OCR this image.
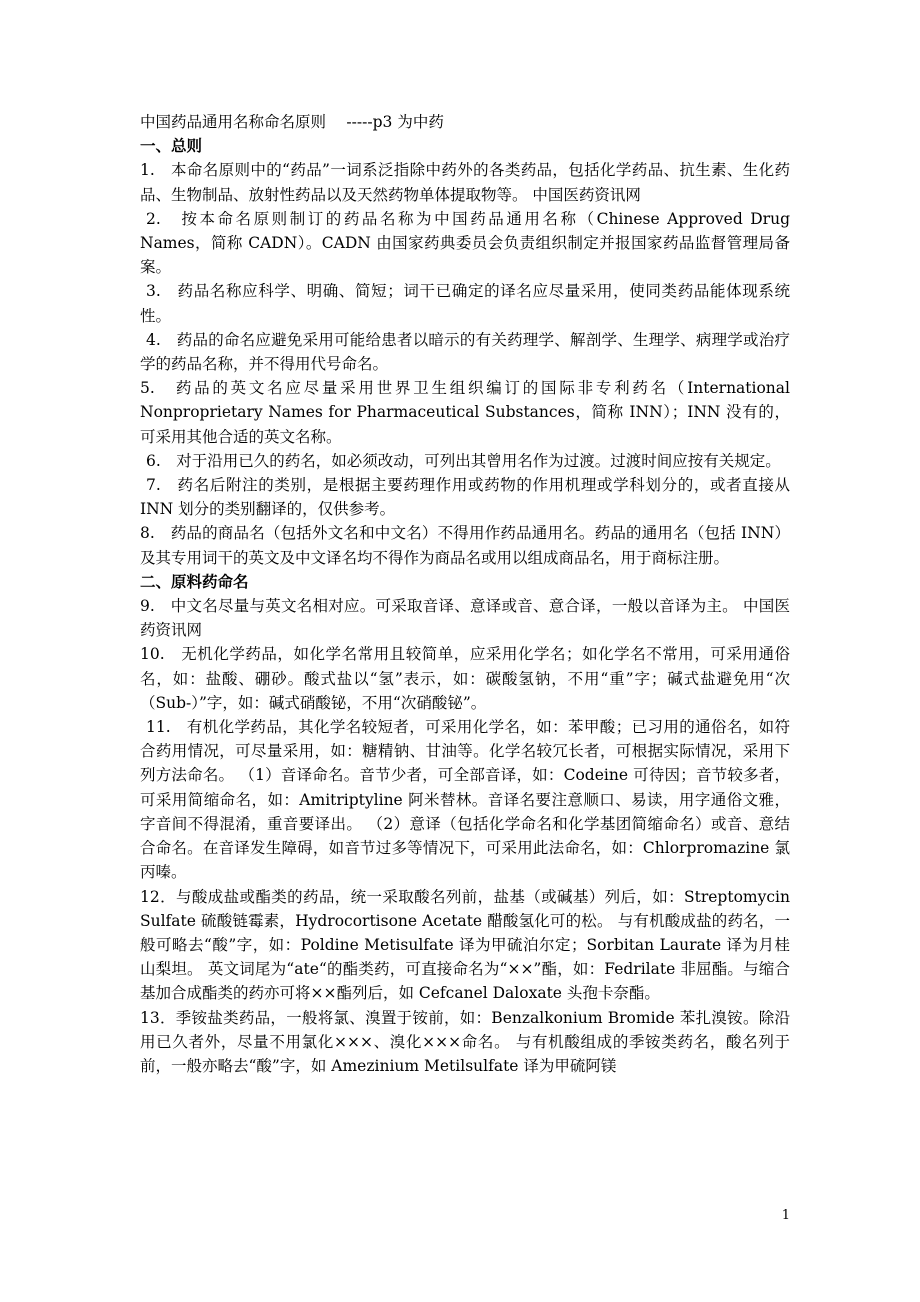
中国药品通用名称命名原则　 -----p3 为中药

一、总则

1.　本命名原则中的“药品”一词系泛指除中药外的各类药品，包括化学药品、抗生素、生化药品、生物制品、放射性药品以及天然药物单体提取物等。 中国医药资讯网

2.　按本命名原则制订的药品名称为中国药品通用名称（Chinese Approved Drug Names，简称 CADN）。CADN 由国家药典委员会负责组织制定并报国家药品监督管理局备案。

3.　药品名称应科学、明确、简短；词干已确定的译名应尽量采用，使同类药品能体现系统性。

4.　药品的命名应避免采用可能给患者以暗示的有关药理学、解剖学、生理学、病理学或治疗学的药品名称，并不得用代号命名。

5.　药品的英文名应尽量采用世界卫生组织编订的国际非专利药名（International Nonproprietary Names for Pharmaceutical Substances，简称 INN）；INN 没有的，可采用其他合适的英文名称。

6.　对于沿用已久的药名，如必须改动，可列出其曾用名作为过渡。过渡时间应按有关规定。

7.　药名后附注的类别，是根据主要药理作用或药物的作用机理或学科划分的，或者直接从 INN 划分的类别翻译的，仅供参考。

8.　药品的商品名（包括外文名和中文名）不得用作药品通用名。药品的通用名（包括 INN）及其专用词干的英文及中文译名均不得作为商品名或用以组成商品名，用于商标注册。

二、原料药命名

9.　中文名尽量与英文名相对应。可采取音译、意译或音、意合译，一般以音译为主。 中国医药资讯网

10.　无机化学药品，如化学名常用且较简单，应采用化学名；如化学名不常用，可采用通俗名，如：盐酸、硼砂。酸式盐以“氢”表示，如：碳酸氢钠，不用“重”字；碱式盐避免用“次（Sub-）”字，如：碱式硝酸铋，不用“次硝酸铋”。

11.　有机化学药品，其化学名较短者，可采用化学名，如：苯甲酸；已习用的通俗名，如符合药用情况，可尽量采用，如：糖精钠、甘油等。化学名较冗长者，可根据实际情况，采用下列方法命名。 （1）音译命名。音节少者，可全部音译，如：Codeine 可待因；音节较多者，可采用简缩命名，如：Amitriptyline 阿米替林。音译名要注意顺口、易读，用字通俗文雅，字音间不得混淆，重音要译出。 （2）意译（包括化学命名和化学基团简缩命名）或音、意结合命名。在音译发生障碍，如音节过多等情况下，可采用此法命名，如：Chlorpromazine 氯丙嗪。

12．与酸成盐或酯类的药品，统一采取酸名列前，盐基（或碱基）列后，如：Streptomycin Sulfate 硫酸链霉素，Hydrocortisone Acetate 醋酸氢化可的松。 与有机酸成盐的药名，一般可略去“酸”字，如：Poldine Metisulfate 译为甲硫泊尔定；Sorbitan Laurate 译为月桂山梨坦。 英文词尾为“ate“的酯类药，可直接命名为“××”酯，如：Fedrilate 非屈酯。与缩合基加合成酯类的药亦可将××酯列后，如 Cefcanel Daloxate 头孢卡奈酯。

13．季铵盐类药品，一般将氯、溴置于铵前，如：Benzalkonium Bromide 苯扎溴铵。除沿用已久者外，尽量不用氯化×××、溴化×××命名。 与有机酸组成的季铵类药名，酸名列于前，一般亦略去“酸”字，如 Amezinium Metilsulfate 译为甲硫阿镁

1
